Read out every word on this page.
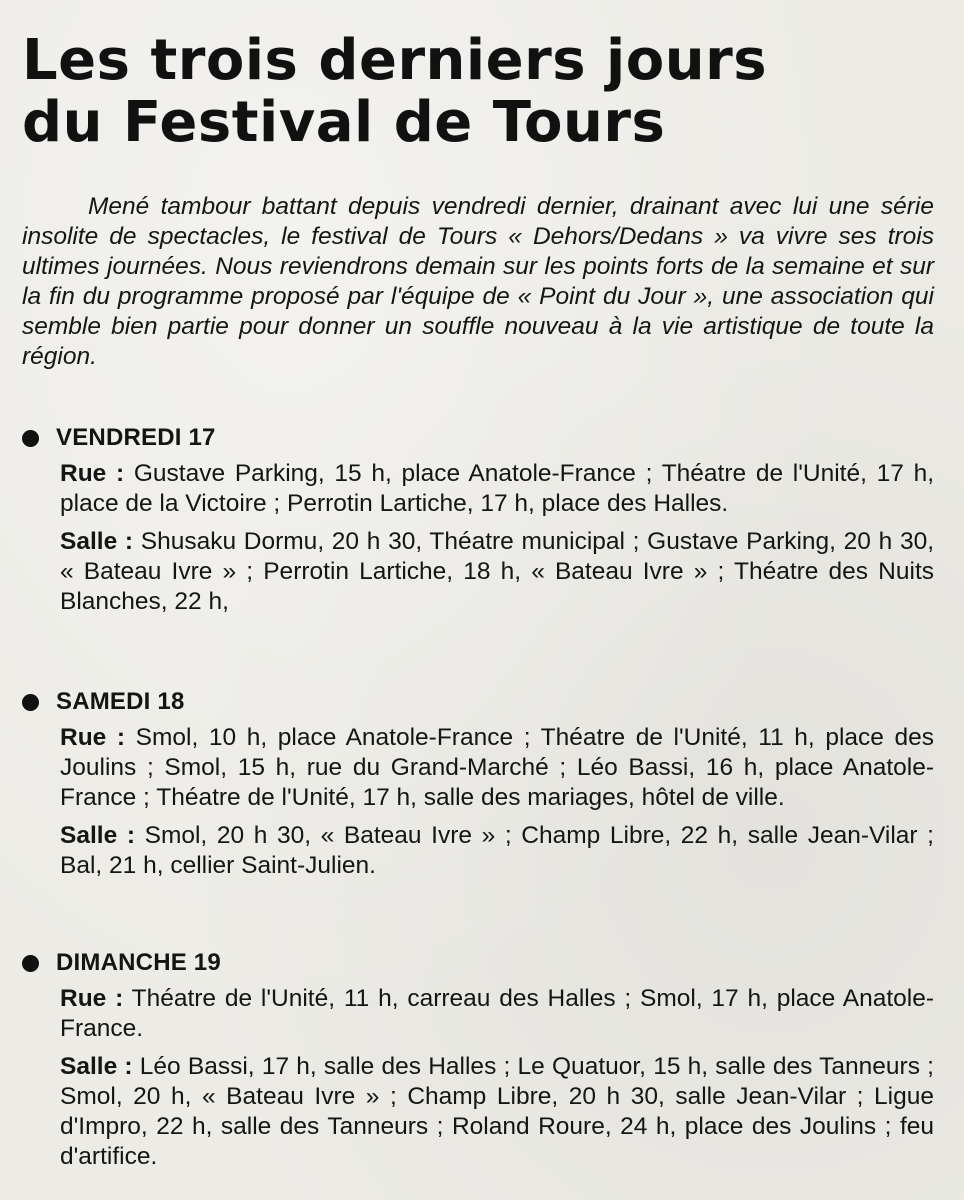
Les trois derniers jours
du Festival de Tours

Mené tambour battant depuis vendredi dernier, drainant avec lui une série insolite de spectacles, le festival de Tours « Dehors/Dedans » va vivre ses trois ultimes journées. Nous reviendrons demain sur les points forts de la semaine et sur la fin du programme proposé par l'équipe de « Point du Jour », une association qui semble bien partie pour donner un souffle nouveau à la vie artistique de toute la région.

VENDREDI 17

Rue : Gustave Parking, 15 h, place Anatole-France ; Théatre de l'Unité, 17 h, place de la Victoire ; Perrotin Lartiche, 17 h, place des Halles.

Salle : Shusaku Dormu, 20 h 30, Théatre municipal ; Gustave Parking, 20 h 30, « Bateau Ivre » ; Perrotin Lartiche, 18 h, « Bateau Ivre » ; Théatre des Nuits Blanches, 22 h,

SAMEDI 18

Rue : Smol, 10 h, place Anatole-France ; Théatre de l'Unité, 11 h, place des Joulins ; Smol, 15 h, rue du Grand-Marché ; Léo Bassi, 16 h, place Anatole-France ; Théatre de l'Unité, 17 h, salle des mariages, hôtel de ville.

Salle : Smol, 20 h 30, « Bateau Ivre » ; Champ Libre, 22 h, salle Jean-Vilar ; Bal, 21 h, cellier Saint-Julien.

DIMANCHE 19

Rue : Théatre de l'Unité, 11 h, carreau des Halles ; Smol, 17 h, place Anatole-France.

Salle : Léo Bassi, 17 h, salle des Halles ; Le Quatuor, 15 h, salle des Tanneurs ; Smol, 20 h, « Bateau Ivre » ; Champ Libre, 20 h 30, salle Jean-Vilar ; Ligue d'Impro, 22 h, salle des Tanneurs ; Roland Roure, 24 h, place des Joulins ; feu d'artifice.
